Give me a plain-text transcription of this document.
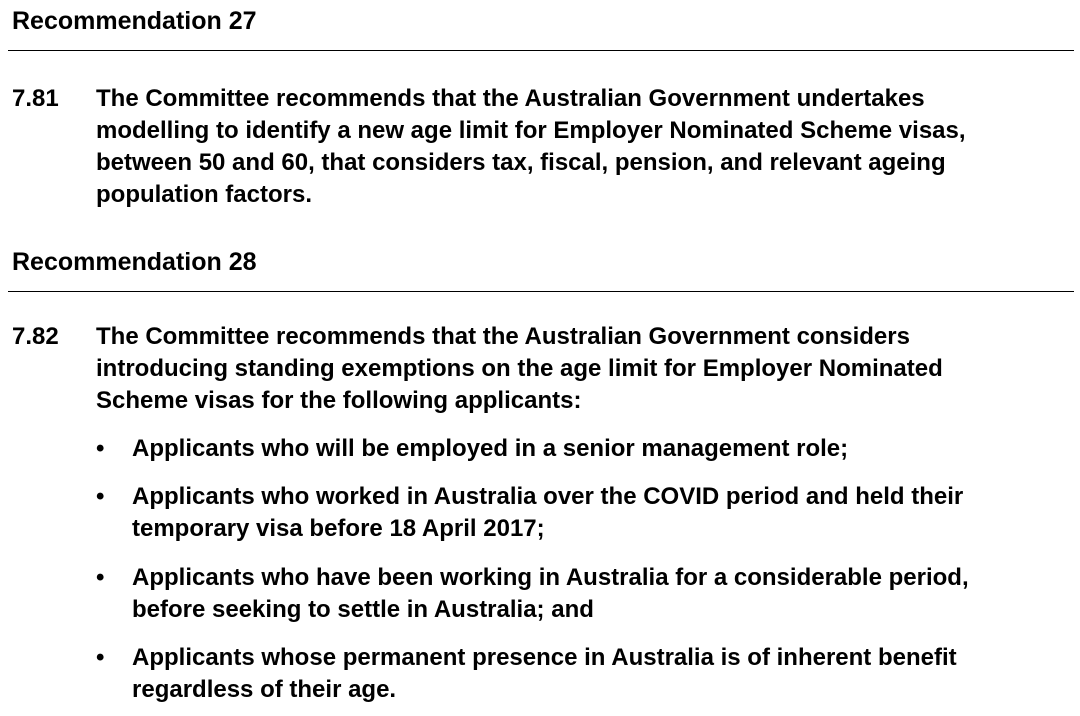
Recommendation 27
7.81 The Committee recommends that the Australian Government undertakes
modelling to identify a new age limit for Employer Nominated Scheme visas,
between 50 and 60, that considers tax, fiscal, pension, and relevant ageing
population factors.
Recommendation 28
7.82 The Committee recommends that the Australian Government considers
introducing standing exemptions on the age limit for Employer Nominated
Scheme visas for the following applicants:
•	Applicants who will be employed in a senior management role;
•	Applicants who worked in Australia over the COVID period and held their
temporary visa before 18 April 2017;
•	Applicants who have been working in Australia for a considerable period,
before seeking to settle in Australia; and
•	Applicants whose permanent presence in Australia is of inherent benefit
regardless of their age.
